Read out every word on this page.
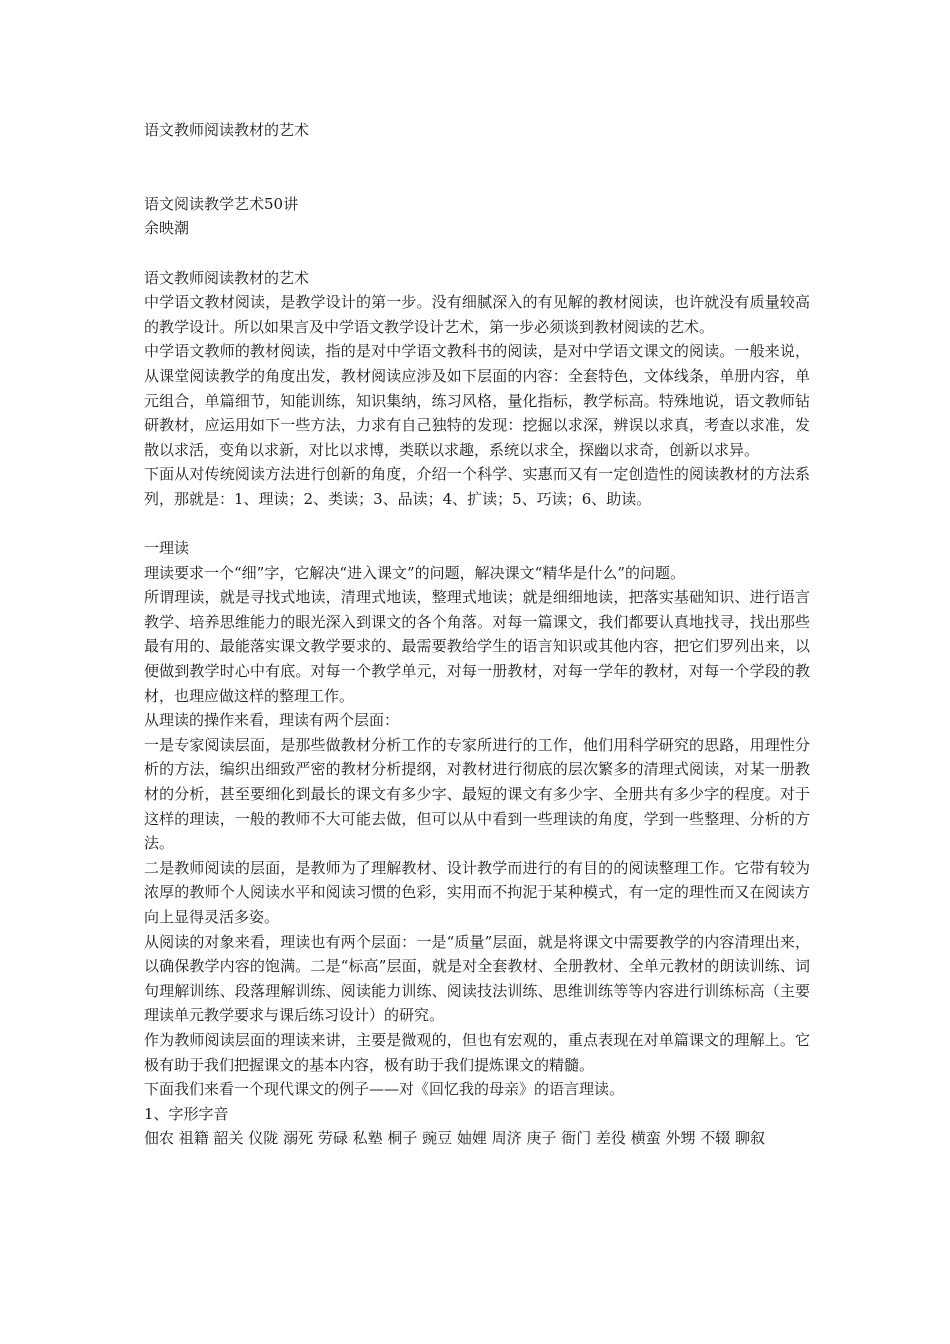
语文教师阅读教材的艺术

语文阅读教学艺术50讲

余映潮

语文教师阅读教材的艺术

中学语文教材阅读，是教学设计的第一步。没有细腻深入的有见解的教材阅读，也许就没有质量较高的教学设计。所以如果言及中学语文教学设计艺术，第一步必须谈到教材阅读的艺术。

中学语文教师的教材阅读，指的是对中学语文教科书的阅读，是对中学语文课文的阅读。一般来说，从课堂阅读教学的角度出发，教材阅读应涉及如下层面的内容：全套特色，文体线条，单册内容，单元组合，单篇细节，知能训练，知识集纳，练习风格，量化指标，教学标高。特殊地说，语文教师钻研教材，应运用如下一些方法，力求有自己独特的发现：挖掘以求深，辨误以求真，考查以求准，发散以求活，变角以求新，对比以求博，类联以求趣，系统以求全，探幽以求奇，创新以求异。

下面从对传统阅读方法进行创新的角度，介绍一个科学、实惠而又有一定创造性的阅读教材的方法系列，那就是：1、理读；2、类读；3、品读；4、扩读；5、巧读；6、助读。

一理读

理读要求一个“细”字，它解决“进入课文”的问题，解决课文“精华是什么”的问题。

所谓理读，就是寻找式地读，清理式地读，整理式地读；就是细细地读，把落实基础知识、进行语言教学、培养思维能力的眼光深入到课文的各个角落。对每一篇课文，我们都要认真地找寻，找出那些最有用的、最能落实课文教学要求的、最需要教给学生的语言知识或其他内容，把它们罗列出来，以便做到教学时心中有底。对每一个教学单元，对每一册教材，对每一学年的教材，对每一个学段的教材，也理应做这样的整理工作。

从理读的操作来看，理读有两个层面：

一是专家阅读层面，是那些做教材分析工作的专家所进行的工作，他们用科学研究的思路，用理性分析的方法，编织出细致严密的教材分析提纲，对教材进行彻底的层次繁多的清理式阅读，对某一册教材的分析，甚至要细化到最长的课文有多少字、最短的课文有多少字、全册共有多少字的程度。对于这样的理读，一般的教师不大可能去做，但可以从中看到一些理读的角度，学到一些整理、分析的方法。

二是教师阅读的层面，是教师为了理解教材、设计教学而进行的有目的的阅读整理工作。它带有较为浓厚的教师个人阅读水平和阅读习惯的色彩，实用而不拘泥于某种模式，有一定的理性而又在阅读方向上显得灵活多姿。

从阅读的对象来看，理读也有两个层面：一是“质量”层面，就是将课文中需要教学的内容清理出来，以确保教学内容的饱满。二是“标高”层面，就是对全套教材、全册教材、全单元教材的朗读训练、词句理解训练、段落理解训练、阅读能力训练、阅读技法训练、思维训练等等内容进行训练标高（主要理读单元教学要求与课后练习设计）的研究。

作为教师阅读层面的理读来讲，主要是微观的，但也有宏观的，重点表现在对单篇课文的理解上。它极有助于我们把握课文的基本内容，极有助于我们提炼课文的精髓。

下面我们来看一个现代课文的例子——对《回忆我的母亲》的语言理读。

1、字形字音

佃农 祖籍 韶关 仪陇 溺死 劳碌 私塾 桐子 豌豆 妯娌 周济 庚子 衙门 差役 横蛮 外甥 不辍 聊叙
